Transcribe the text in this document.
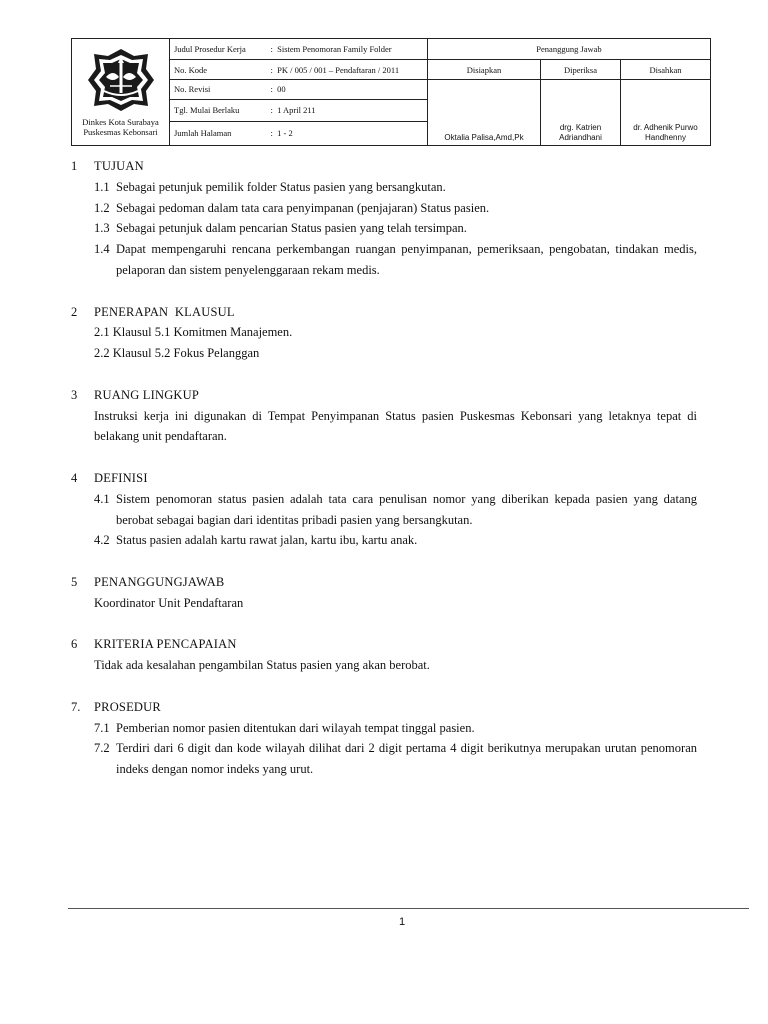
Dinkes Kota Surabaya
Puskesmas Kebonsari	Judul Prosedur Kerja	: Sistem Penomoran Family Folder	Penanggung Jawab		
	No. Kode	: PK / 005 / 001 – Pendaftaran / 2011	Disiapkan	Diperiksa	Disahkan
	No. Revisi	: 00	Oktalia Palisa,Amd,Pk	drg. Katrien Adriandhani	dr. Adhenik Purwo Handhenny
	Tgl. Mulai Berlaku	: 1 April 211			
	Jumlah Halaman	: 1 - 2			
1	TUJUAN
1.1 Sebagai petunjuk pemilik folder Status pasien yang bersangkutan.
1.2 Sebagai pedoman dalam tata cara penyimpanan (penjajaran) Status pasien.
1.3 Sebagai petunjuk dalam pencarian Status pasien yang telah tersimpan.
1.4 Dapat mempengaruhi rencana perkembangan ruangan penyimpanan, pemeriksaan, pengobatan, tindakan medis, pelaporan dan sistem penyelenggaraan rekam medis.
2	PENERAPAN  KLAUSUL
2.1 Klausul 5.1 Komitmen Manajemen.
2.2 Klausul 5.2 Fokus Pelanggan
3	RUANG LINGKUP
Instruksi kerja ini digunakan di Tempat Penyimpanan Status pasien Puskesmas Kebonsari yang letaknya tepat di belakang unit pendaftaran.
4	DEFINISI
4.1 Sistem penomoran status pasien adalah tata cara penulisan nomor yang diberikan kepada pasien yang datang berobat sebagai bagian dari identitas pribadi pasien yang bersangkutan.
4.2 Status pasien adalah kartu rawat jalan, kartu ibu, kartu anak.
5	PENANGGUNGJAWAB
Koordinator Unit Pendaftaran
6	KRITERIA PENCAPAIAN
Tidak ada kesalahan pengambilan Status pasien yang akan berobat.
7.	PROSEDUR
7.1 Pemberian nomor pasien ditentukan dari wilayah tempat tinggal pasien.
7.2 Terdiri dari 6 digit dan kode wilayah dilihat dari 2 digit pertama 4 digit berikutnya merupakan urutan penomoran indeks dengan nomor indeks yang urut.
1
